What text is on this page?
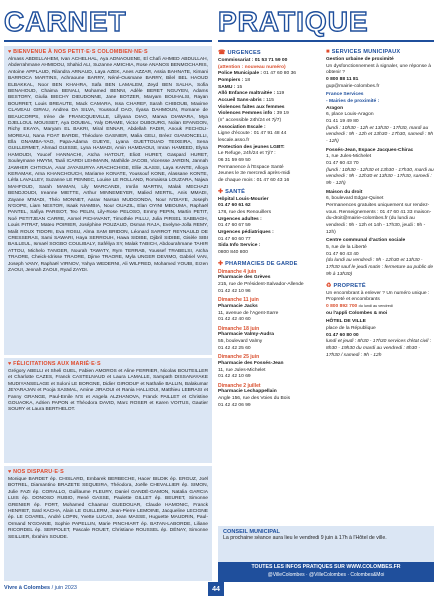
CARNET	PRATIQUE
♥ BIENVENUE À NOS PETIT·E·S COLOMBIEN·NE·S
Almass ABDELLAHEM, Ivan ACHELHAL, Aya ADNAOUENE, El Chafi AHMED ABDULLAH, Abderrahmane AHMIDOU, Shahid ALI, Suzanne AMICHIA, Rose ANANOS BENMOCHARIS, Antoine APPLAUD, Rilandra ARNAUD, Laya AZEK, Anes AZZAR, Assia BAHNATE, Kimani BARROCA MARTINS, Achraoune BARRY, Néné-Ousmane BARRY, Bilel BEL HAOUD ELBAKKAL, Noor BEN KHAHRA, Safa BEN LAMALEM, Zeyd BEN SALHA, Sofia BENAHOUD, Chaima BENALI, Mohamed BENNI, Adèle BERET NGUYEN, Adams BESTORY, Giulia BIECHY DIEUDONNE, Jane BOTZER, Maryam BOUHALSI, Rayan BOURRET, Louis BREAUTE, Mack CAMARA, Issa CHAREF, Sarah CHIBOUB, Maxime CLAVEAU GIRAU, Andrea DA SILVA, Youssouf DAO, Ilyasa DAHMOUN, Romane de BEAUCORPS, Irène de FRANCQUEVILLE, Lillyana DIAO, Marwa DIAWARA, Mya DJELLOUL MOUSSET, Aya DOUBAL, Yaly DRAME, Victor DUBOURG, Nolan EFANGON, Richy EKAYA, Maryam EL BAKRI, Miral ENNAR, Abdellah FADIR, Anouk FECHOLI-MOREAU, Nana FOAT BARDE, Théodore GASNIER, Malia GELI, Bréez GIANONCELLI, Ella GNAMBA-YAO, Papa-Adama GUEYE, Lyana GUETTOUAD TEIXEIRA, Sena GUILLERMET, Ahmad GUISSE, Lyna HAMADI, Amin HAMDAOUI, Imran HAMEED, Elyna HAMOUDI, Youcef HANNACHI, Aïcha HATOUT, Eliott HURET, Gaspard HURET, Souleymane HWYM, Taali ICARDI LEHMANN, Mathilde JACOB, Vicensse JARDIN, Jannah JAWHER CHTIOUA, Anaï JAYASURYA ARACHCHIGE, Ellie JLASSI, Laya KANTE, Alloya KERAMAK, Aïna KHANCHOUCH, Mariame KONATE, Youssouf KONE, Alassane KONTE, Léïla LAVALLEY, Suzanne LE PENNEC, Louise LE ROLLAND, Romaissa LOUZARA, Najwa MAHFOUD, Sarah MAMAN, Lily MARCANDI, Imrân MARTIN, Malak MECHAZI BENDJOUDI, Ireanne MIETTE, Arthur MINNEMEYER, Malied MERTIL, Anis MMADI, Zayane M'MADI, Théo MONNET, Aarav Narsan MUDGONDA, Nour N'DIAYE, Joseph N'GOPE, Liam NESTOR, Isaak NIAMBIA, Nour OUAZIL, Elan OYINI MBOUMA, Raphaël PANTEL, Safiya PARISOT, Teo PELIN, Lily-Rose PELOSO, Emmy PEPIN, Martin PETIT, Noé PETITJEAN CARRE, Anmel PICHAVANT, Timothée PILLU, Julia PIRSEL SABBAGH, Louis PITRAT, Mateo POIRIER, Joséphine POUZAUD, Osman RAJA, Evelyne-Jolla REMY, Malit ROUX TIDORI, Eva ROSU, Alma SAM BRIDON, Léonard SARROT REYNAULD DE CRESSERAS, Sami SAWARI, Haya SERROUH, Hawa SIDIBE, Djibril SIDIBE, Gisèle SIBI BAILLEUL, Ismaël SOGBO COULIBALY, Saféliya SY, Malak TABICH, Abdourahmane TAHIR ATTOU, Michelo TANGER, Nourah TAWATY, Rym TERRAB, Youssef TRABELSI, Aïcha TRAORE, Cheick-Idrisse TRAORE, Djime TRAORE, Myla UNGER DEVIMO, Gabriel VAN, Joseph VANY, Raphaël VIRNOV, Yahya WEDERNI, Ali WILFRED, Mohamed YOUBI, Erzen ZAOUI, Jennah ZAOUI, Ryad ZAYDI.
♥ FÉLICITATIONS AUX MARIÉ·E·S
Grégory ABELLI et Sheli GUEL, Fabien AMOROS et Aline FERRIER, Nicolas BOUTEILLER et Charlotte CAZES, Franck CASTELNAUD et Laura LAMALLE, Sampath DISSANAYAKE MUDIYANSELAGE et Soloni LE BORGNE, Didier GIRODUF et Nathalie BALLIN, Balakumar JEYARAJAN et Pooja SASMAL, Amine JIRAOUI et Rania HALLIOUI, Matthieu LEBRASI et Fanny GRANGE, Paul-Emile N'S et Angela ALZHANOVA, Franck PAILLET et Christine GOUAOKA, Adrien PAPON et Théodora DAVID, Marc ROSER et Karen VOITUS, Gautier SOURY et Laura BERTHELOT.
♥ NOS DISPARU·E·S
Monique BARDET ép. CHISLARD, Embarek BERBECHE, Hacer BILDIK ép. ERGUZ, Joël BOTREL, Diamantino BRAZETE SEQUEIRA, Théodora, Joëlle CHEVALLIER ép. SIMON, Julie FAZI ép. CORALLO, Guillaume FLEURY, Daniel GANDÉ-GAMON, Natalia GARCIA LUIS ép. DONOSO RUBIO, René GASSE, Paulette GILLET ép. BEURET, Simonne GRENIER ép. FORT, Mohamed Chaamar GUEDOUAR, Claude HAMONIC, Franck HENRIET, Saïd KACHA, Alain LE GUILLERM, Jean-Pierre LEMOINE, Jacqueline LECIGNE ép. LE COAREL, André LOPIN, Yvette LUCAS, Jean MASSE, Huguette MAUDRIN, Paul-Ormand N'GOANIE, Sophie PAPELLIN, Marie PINCHIART ép. BATAN-LABORDE, Liliane RICORDEL ép. SERPOLET, Pascale ROUET, Christiane ROUSSEL ép. DÉNAY, Simonne SEILLIER, Ibrahim SOUDE.
☎ URGENCES
Commissariat : 01 53 71 59 00
(attention : nouveau numéro)
Police Municipale : 01 47 60 80 36
Pompiers : 18
SAMU : 15
Allô Enfance maltraitée : 119
Accueil Sans-abris : 115
Violences faites aux femmes
Violences Femmes info : 39 19
(n° accessible 24h/24 et 7j/7)
Association Escale :
Ligne d'écoute : 01 47 91 48 44
lescale.asso.fr
Protection des jeunes LGBT:
Le Refuge, 24h/24 et 7j/7 :
06 31 59 69 50
Permanence à l'Espace Santé
Jeunes le 3e mercredi après-midi
de chaque mois : 01 47 60 43 16
✚ SANTÉ
Hôpital Louis-Mourier
01 47 60 61 62
178, rue des Renouillers
Urgences adultes :
01 47 60 67 59
Urgences pédiatriques :
01 47 60 60 77
Sida Info Service :
0800 840 800
✚ PHARMACIES DE GARDE
Dimanche 4 juin
Pharmacie des Grèves
215, rue de Président-Salvador-Allende
01 42 42 10 96
Dimanche 11 juin
Pharmacie Jacks
11, avenue de l'Agent-Sarre
01 42 42 40 60
Dimanche 18 juin
Pharmacie Valmy-Audra
55, boulevard Valmy
01 42 42 25 60
Dimanche 25 juin
Pharmacie des Fossés-Jean
11, rue Jules-Michelet
01 42 42 10 69
Dimanche 2 juillet
Pharmacie Lechappellain
Angle 156, rue des Voies du Bois
01 42 42 06 99
■ SERVICES MUNICIPAUX
Gestion urbaine de proximité
Un dysfonctionnement à signaler, une réponse à obtenir ?
0 800 88 11 81
gup@mairie-colombes.fr
France Services
- Mairies de proximité :
Aragon
6, place Louis-Aragon
01 41 19 49 80
(lundi : 10h30 - 12h et 13h30 - 17h30, mardi au vendredi : 9h - 12h et 13h30 - 17h30, samedi : 9h - 12h)
Fossés-Jean, Espace Jacques-Chirac
1, rue Jules-Michelet
01 47 60 43 70
(lundi : 10h30 - 12h30 et 13h30 - 17h30, mardi au vendredi : 9h - 12h30 et 13h30 - 17h30, samedi : 9h - 12h)
Maison du droit
6, boulevard Edgar-Quinet
Permanences gratuites uniquement sur rendez-vous. Renseignements : 01 47 60 41 33 maison-du-droit@mairie-colombes.fr (du lundi au vendredi : 9h - 12h et 14h - 17h30, jeudi : 9h - 12h)
Centre communal d'action sociale
5, rue de la Liberté
01 47 60 43 40
(du lundi au vendredi : 9h - 12h30 et 13h30 - 17h30 sauf le jeudi matin : fermeture au public de 9h à 13h30)
♻ PROPRETÉ
Un encombrant à enlever ? Un numéro unique : Propreté et encombrants
0 800 892 700 du lundi au vendredi
ou l'appli Colombes & moi
HÔTEL DE VILLE
place de la République
01 47 60 80 00
lundi et jeudi : 8h30 - 17h30 services d'état civil : 8h30 - 19h30 du mardi au vendredi : 8h30 - 17h30 / samedi : 9h - 12h
CONSEIL MUNICIPAL
La prochaine séance aura lieu le vendredi 9 juin à 17h à l'Hôtel de ville.
TOUTES LES INFOS PRATIQUES SUR WWW.COLOMBES.FR
@VilleColombes · @VilleColombes · Colombes&Moi
Vivre à Colombes / juin 2023	44
